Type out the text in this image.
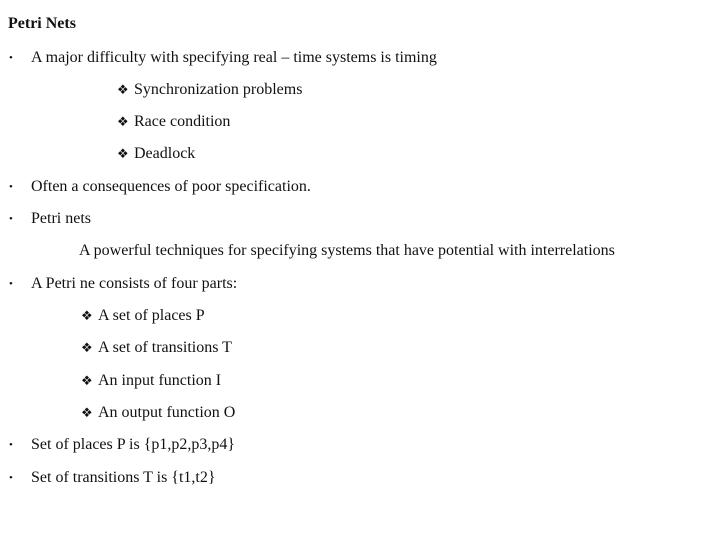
Petri Nets
• A major difficulty with specifying real – time systems is timing
❖ Synchronization problems
❖ Race condition
❖ Deadlock
• Often a consequences of poor specification.
• Petri nets
A powerful techniques for specifying systems that have potential with interrelations
• A Petri ne consists of four parts:
❖ A set of places P
❖ A set of transitions T
❖ An input function I
❖ An output function O
• Set of places P is {p1,p2,p3,p4}
• Set of transitions T is {t1,t2}
